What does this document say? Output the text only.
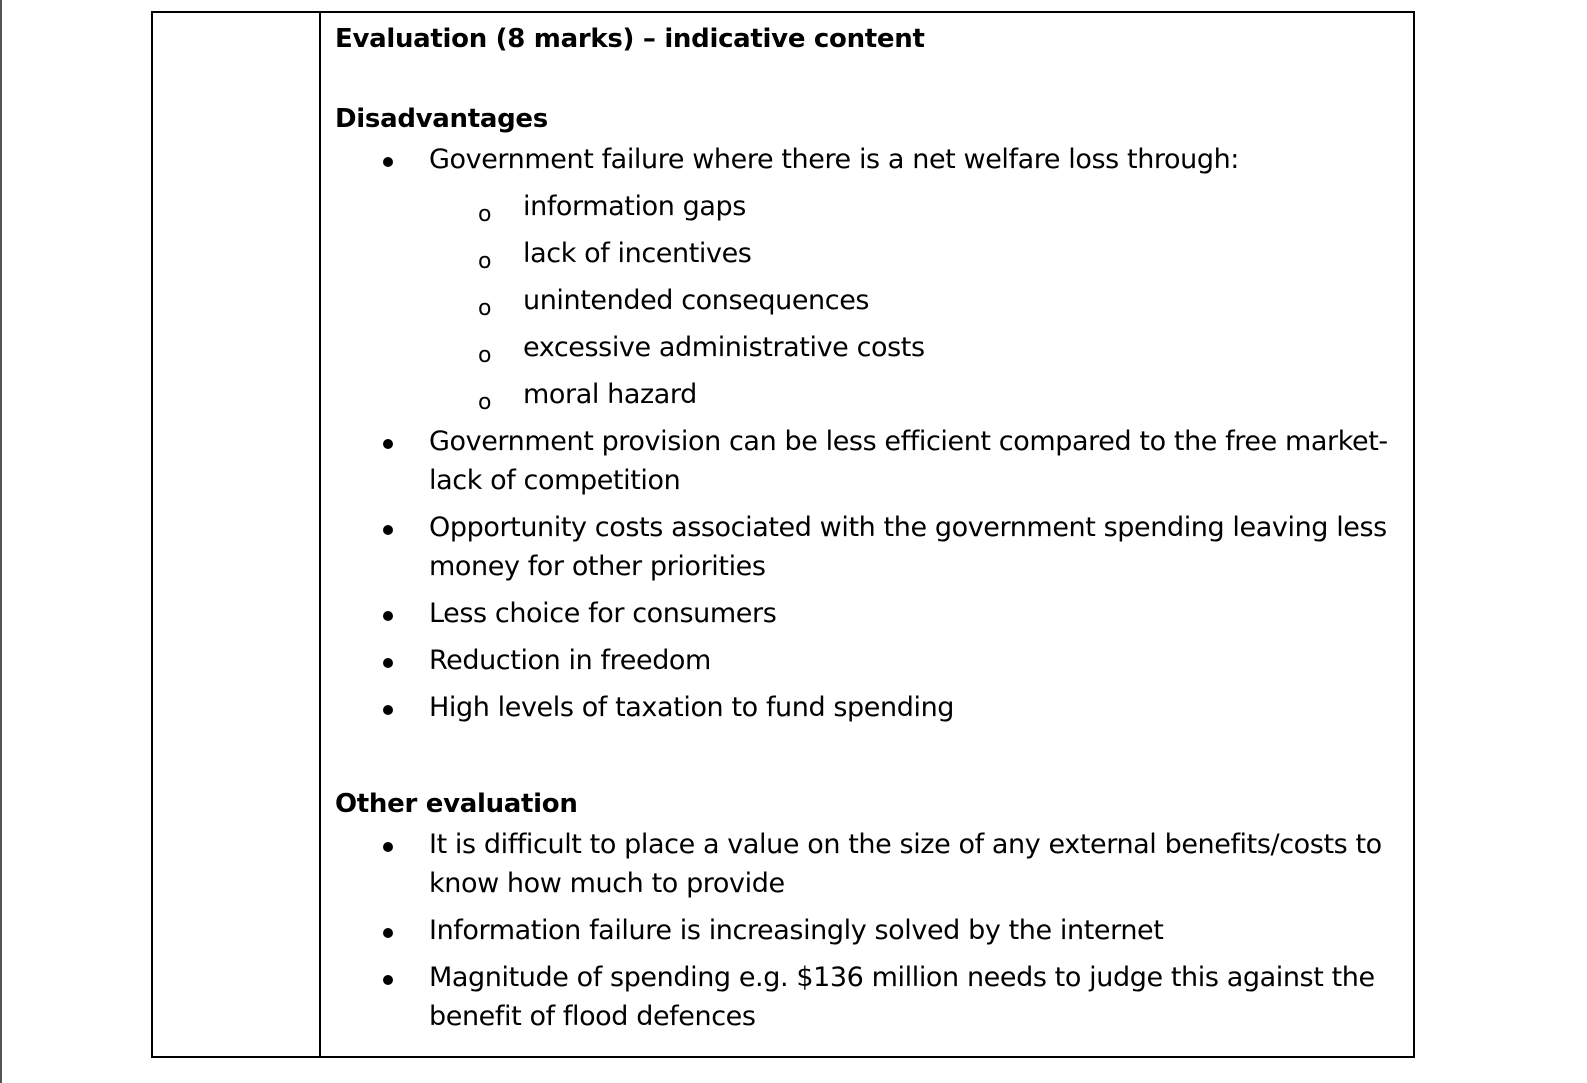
Evaluation (8 marks) – indicative content
Disadvantages
Government failure where there is a net welfare loss through:
o information gaps
o lack of incentives
o unintended consequences
o excessive administrative costs
o moral hazard
Government provision can be less efficient compared to the free market- lack of competition
Opportunity costs associated with the government spending leaving less money for other priorities
Less choice for consumers
Reduction in freedom
High levels of taxation to fund spending
Other evaluation
It is difficult to place a value on the size of any external benefits/costs to know how much to provide
Information failure is increasingly solved by the internet
Magnitude of spending e.g. $136 million needs to judge this against the benefit of flood defences
